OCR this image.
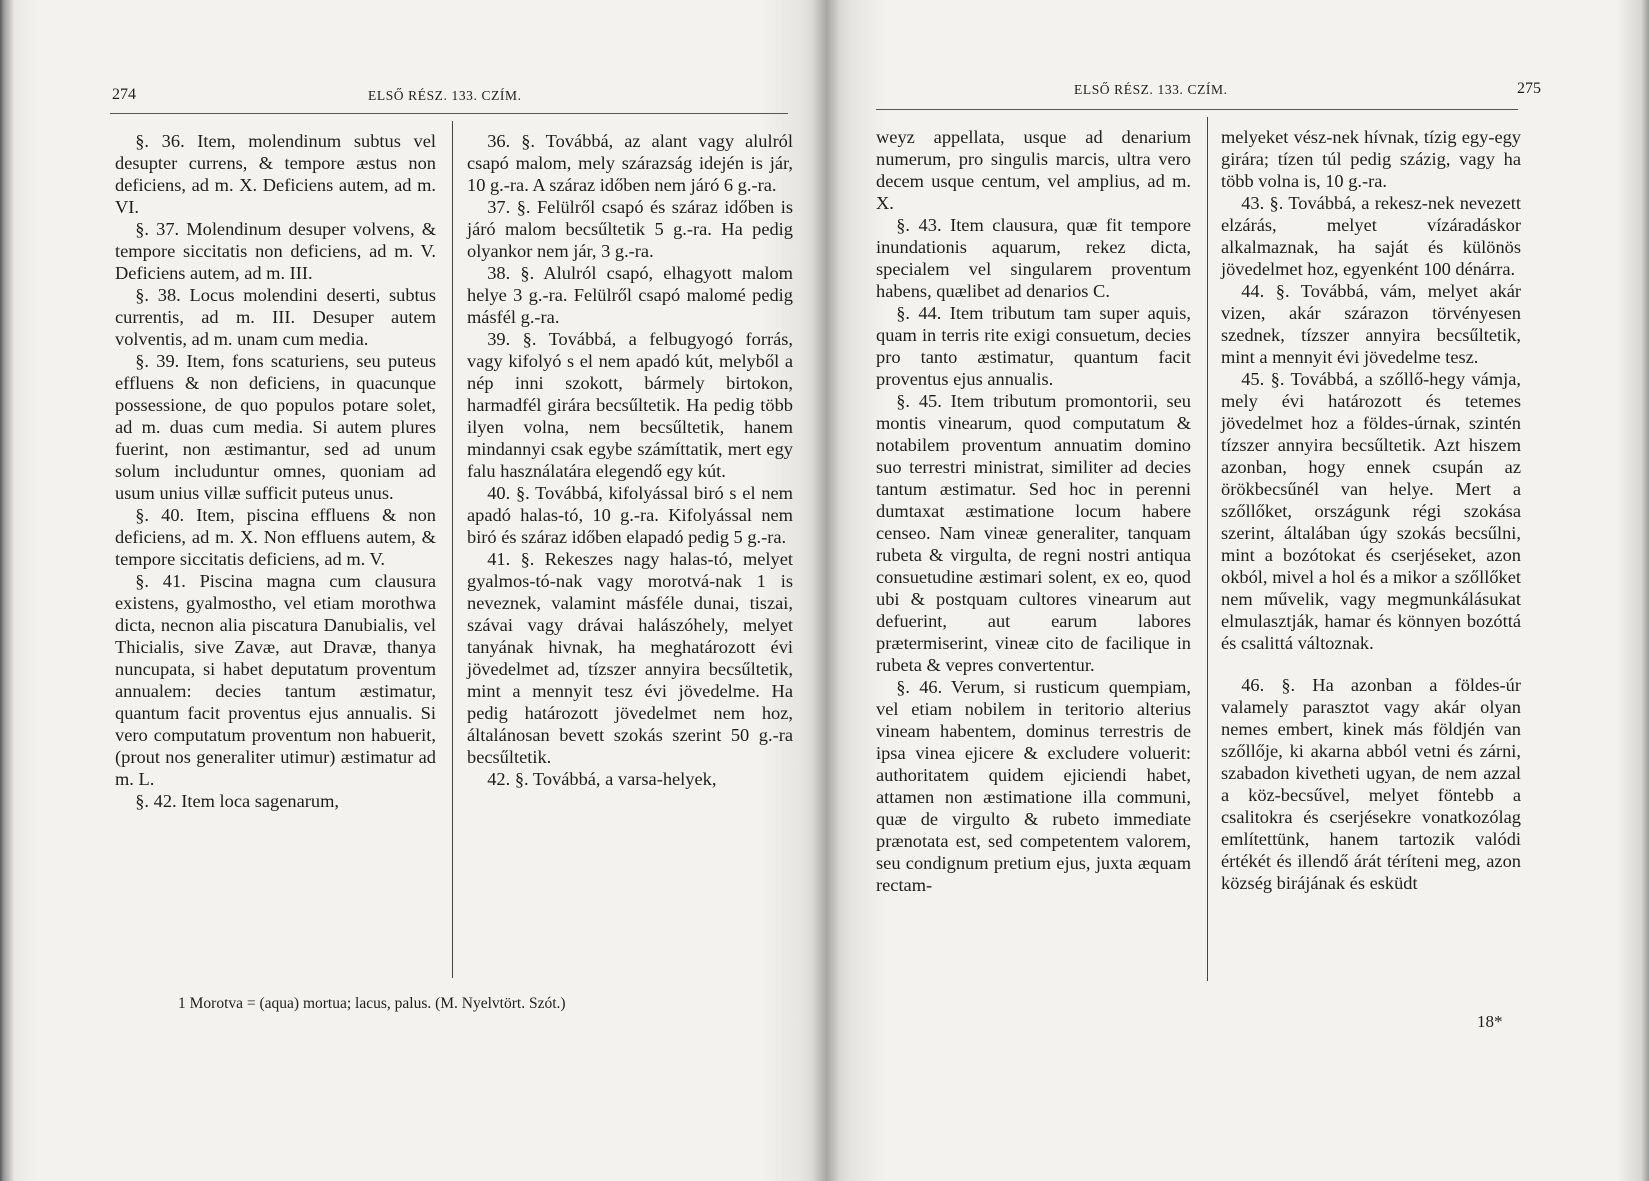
274	ELSŐ RÉSZ. 133. CZÍM.

§. 36. Item, molendinum subtus vel desupter currens, & tempore æstus non deficiens, ad m. X. Deficiens autem, ad m. VI.

§. 37. Molendinum desuper volvens, & tempore siccitatis non deficiens, ad m. V. Deficiens autem, ad m. III.

§. 38. Locus molendini deserti, subtus currentis, ad m. III. Desuper autem volventis, ad m. unam cum media.

§. 39. Item, fons scaturiens, seu puteus effluens & non deficiens, in quacunque possessione, de quo populos potare solet, ad m. duas cum media. Si autem plures fuerint, non æstimantur, sed ad unum solum includuntur omnes, quoniam ad usum unius villæ sufficit puteus unus.

§. 40. Item, piscina effluens & non deficiens, ad m. X. Non effluens autem, & tempore siccitatis deficiens, ad m. V.

§. 41. Piscina magna cum clausura existens, gyalmostho, vel etiam morothwa dicta, necnon alia piscatura Danubialis, vel Thicialis, sive Zavæ, aut Dravæ, thanya nuncupata, si habet deputatum proventum annualem: decies tantum æstimatur, quantum facit proventus ejus annualis. Si vero computatum proventum non habuerit, (prout nos generaliter utimur) æstimatur ad m. L.

§. 42. Item loca sagenarum,

36. §. Továbbá, az alant vagy alulról csapó malom, mely szárazság idején is jár, 10 g.-ra. A száraz időben nem járó 6 g.-ra.

37. §. Felülről csapó és száraz időben is járó malom becsűltetik 5 g.-ra. Ha pedig olyankor nem jár, 3 g.-ra.

38. §. Alulról csapó, elhagyott malom helye 3 g.-ra. Felülről csapó malomé pedig másfél g.-ra.

39. §. Továbbá, a felbugyogó forrás, vagy kifolyó s el nem apadó kút, melyből a nép inni szokott, bármely birtokon, harmadfél girára becsűltetik. Ha pedig több ilyen volna, nem becsűltetik, hanem mindannyi csak egybe számíttatik, mert egy falu használatára elegendő egy kút.

40. §. Továbbá, kifolyással biró s el nem apadó halas-tó, 10 g.-ra. Kifolyással nem biró és száraz időben elapadó pedig 5 g.-ra.

41. §. Rekeszes nagy halas-tó, melyet gyalmos-tó-nak vagy morotvá-nak 1 is neveznek, valamint másféle dunai, tiszai, szávai vagy drávai halászóhely, melyet tanyának hivnak, ha meghatározott évi jövedelmet ad, tízszer annyira becsűltetik, mint a mennyit tesz évi jövedelme. Ha pedig határozott jövedelmet nem hoz, általánosan bevett szokás szerint 50 g.-ra becsűltetik.

42. §. Továbbá, a varsa-helyek,

1 Morotva = (aqua) mortua; lacus, palus. (M. Nyelvtört. Szót.)
ELSŐ RÉSZ. 133. CZÍM.	275

weyz appellata, usque ad denarium numerum, pro singulis marcis, ultra vero decem usque centum, vel amplius, ad m. X.

§. 43. Item clausura, quæ fit tempore inundationis aquarum, rekez dicta, specialem vel singularem proventum habens, quælibet ad denarios C.

§. 44. Item tributum tam super aquis, quam in terris rite exigi consuetum, decies pro tanto æstimatur, quantum facit proventus ejus annualis.

§. 45. Item tributum promontorii, seu montis vinearum, quod computatum & notabilem proventum annuatim domino suo terrestri ministrat, similiter ad decies tantum æstimatur. Sed hoc in perenni dumtaxat æstimatione locum habere censeo. Nam vineæ generaliter, tanquam rubeta & virgulta, de regni nostri antiqua consuetudine æstimari solent, ex eo, quod ubi & postquam cultores vinearum aut defuerint, aut earum labores prætermiserint, vineæ cito de facilique in rubeta & vepres convertentur.

§. 46. Verum, si rusticum quempiam, vel etiam nobilem in teritorio alterius vineam habentem, dominus terrestris de ipsa vinea ejicere & excludere voluerit: authoritatem quidem ejiciendi habet, attamen non æstimatione illa communi, quæ de virgulto & rubeto immediate prænotata est, sed competentem valorem, seu condignum pretium ejus, juxta æquam rectam-

melyeket vész-nek hívnak, tízig egy-egy girára; tízen túl pedig százig, vagy ha több volna is, 10 g.-ra.

43. §. Továbbá, a rekesz-nek nevezett elzárás, melyet vízáradáskor alkalmaznak, ha saját és különös jövedelmet hoz, egyenként 100 dénárra.

44. §. Továbbá, vám, melyet akár vizen, akár szárazon törvényesen szednek, tízszer annyira becsűltetik, mint a mennyit évi jövedelme tesz.

45. §. Továbbá, a szőllő-hegy vámja, mely évi határozott és tetemes jövedelmet hoz a földes-úrnak, szintén tízszer annyira becsűltetik. Azt hiszem azonban, hogy ennek csupán az örökbecsűnél van helye. Mert a szőllőket, országunk régi szokása szerint, általában úgy szokás becsűlni, mint a bozótokat és cserjéseket, azon okból, mivel a hol és a mikor a szőllőket nem művelik, vagy megmunkálásukat elmulasztják, hamar és könnyen bozóttá és csalittá változnak.

46. §. Ha azonban a földes-úr valamely parasztot vagy akár olyan nemes embert, kinek más földjén van szőllője, ki akarna abból vetni és zárni, szabadon kivetheti ugyan, de nem azzal a köz-becsűvel, melyet föntebb a csalitokra és cserjésekre vonatkozólag említettünk, hanem tartozik valódi értékét és illendő árát téríteni meg, azon község birájának és esküdt

18*
